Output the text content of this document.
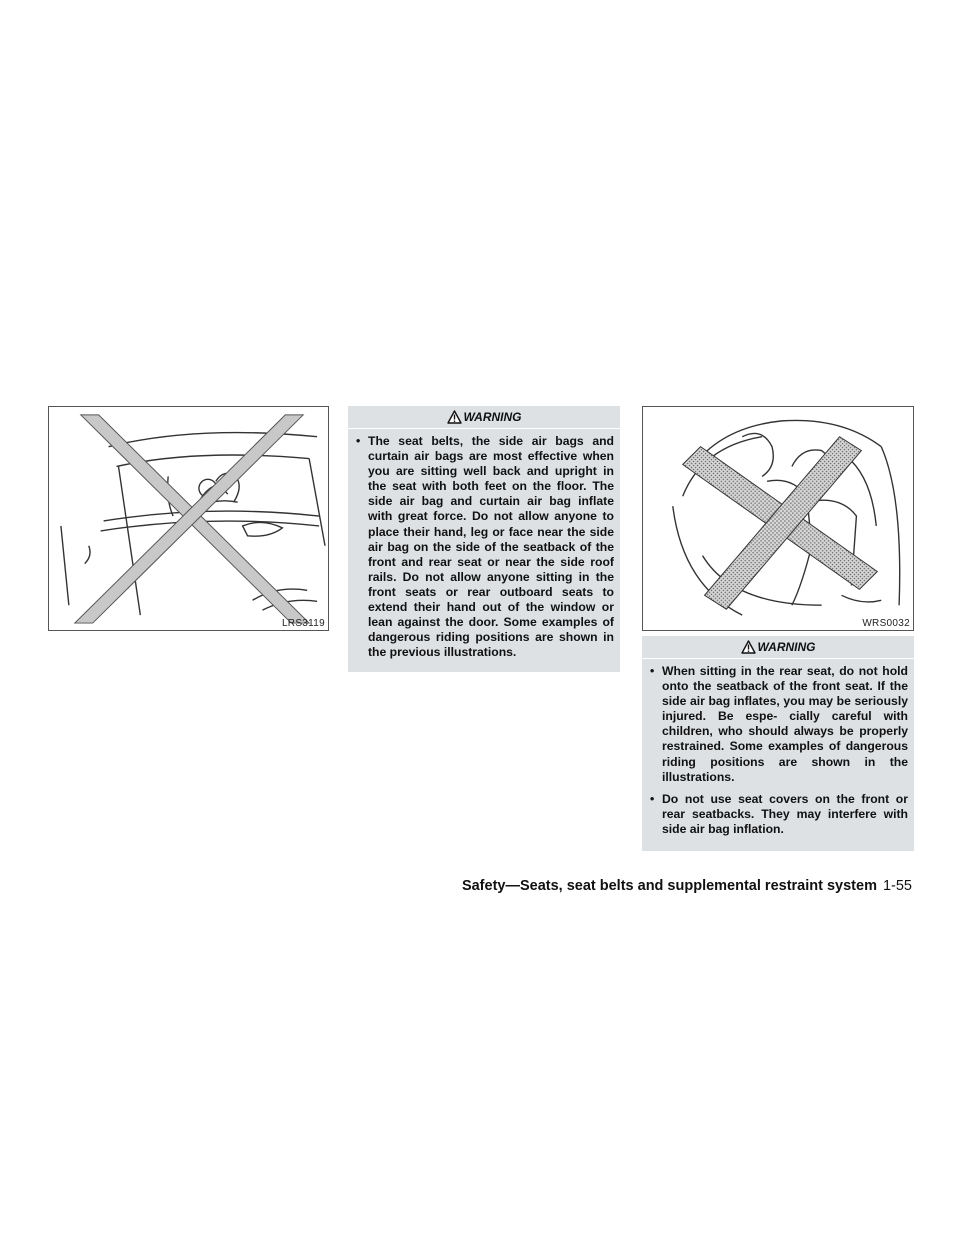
LRS3119
WARNING
• The seat belts, the side air bags and curtain air bags are most effective when you are sitting well back and upright in the seat with both feet on the floor. The side air bag and curtain air bag inflate with great force. Do not allow anyone to place their hand, leg or face near the side air bag on the side of the seatback of the front and rear seat or near the side roof rails. Do not allow anyone sitting in the front seats or rear outboard seats to extend their hand out of the window or lean against the door. Some examples of dangerous riding positions are shown in the previous illustrations.
WRS0032
WARNING
• When sitting in the rear seat, do not hold onto the seatback of the front seat. If the side air bag inflates, you may be seriously injured. Be espe- cially careful with children, who should always be properly restrained. Some examples of dangerous riding positions are shown in the illustrations.
• Do not use seat covers on the front or rear seatbacks. They may interfere with side air bag inflation.
Safety—Seats, seat belts and supplemental restraint system 1-55
